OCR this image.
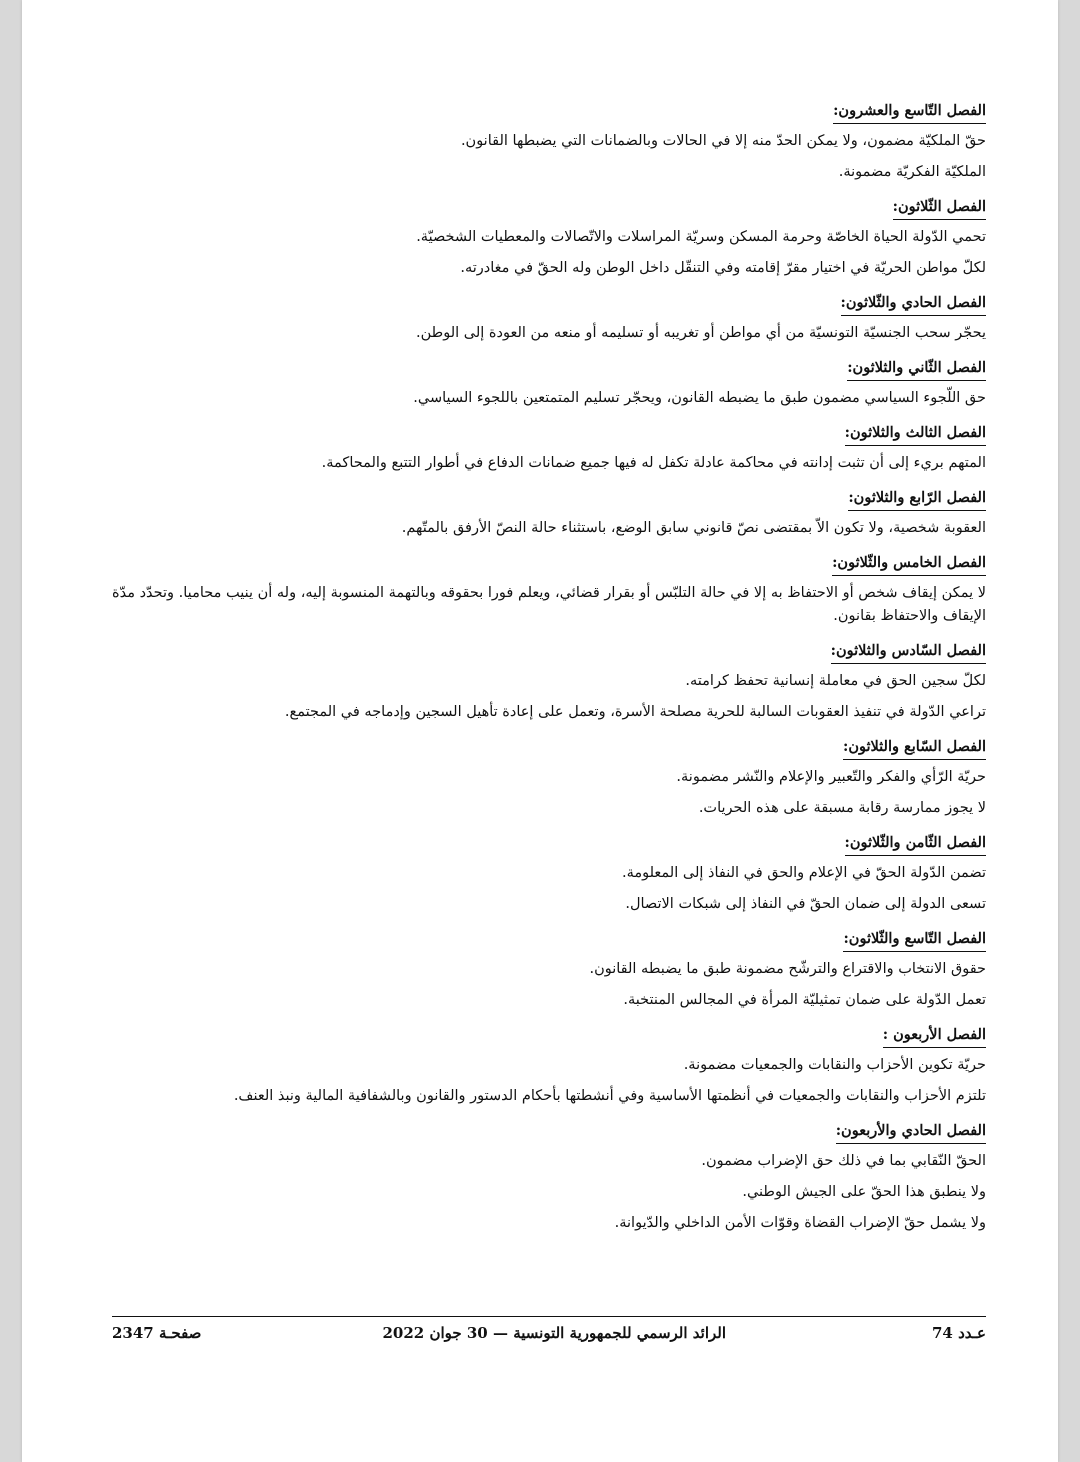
الفصل التّاسع والعشرون:

حقّ الملكيّة مضمون، ولا يمكن الحدّ منه إلا في الحالات وبالضمانات التي يضبطها القانون.

الملكيّة الفكريّة مضمونة.

الفصل الثّلاثون:

تحمي الدّولة الحياة الخاصّة وحرمة المسكن وسريّة المراسلات والاتّصالات والمعطيات الشخصيّة.

لكلّ مواطن الحريّة في اختيار مقرّ إقامته وفي التنقّل داخل الوطن وله الحقّ في مغادرته.

الفصل الحادي والثّلاثون:

يحجّر سحب الجنسيّة التونسيّة من أي مواطن أو تغريبه أو تسليمه أو منعه من العودة إلى الوطن.

الفصل الثّاني والثلاثون:

حق اللّجوء السياسي مضمون طبق ما يضبطه القانون، ويحجّر تسليم المتمتعين باللجوء السياسي.

الفصل الثالث والثلاثون:

المتهم بريء إلى أن تثبت إدانته في محاكمة عادلة تكفل له فيها جميع ضمانات الدفاع في أطوار التتبع والمحاكمة.

الفصل الرّابع والثلاثون:

العقوبة شخصية، ولا تكون الاّ بمقتضى نصّ قانوني سابق الوضع، باستثناء حالة النصّ الأرفق بالمتّهم.

الفصل الخامس والثّلاثون:

لا يمكن إيقاف شخص أو الاحتفاظ به إلا في حالة التلبّس أو بقرار قضائي، ويعلم فورا بحقوقه وبالتهمة المنسوبة إليه، وله أن ينيب محاميا. وتحدّد مدّة الإيقاف والاحتفاظ بقانون.

الفصل السّادس والثلاثون:

لكلّ سجين الحق في معاملة إنسانية تحفظ كرامته.

تراعي الدّولة في تنفيذ العقوبات السالبة للحرية مصلحة الأسرة، وتعمل على إعادة تأهيل السجين وإدماجه في المجتمع.

الفصل السّابع والثلاثون:

حريّة الرّأي والفكر والتّعبير والإعلام والنّشر مضمونة.

لا يجوز ممارسة رقابة مسبقة على هذه الحريات.

الفصل الثّامن والثّلاثون:

تضمن الدّولة الحقّ في الإعلام والحق في النفاذ إلى المعلومة.

تسعى الدولة إلى ضمان الحقّ في النفاذ إلى شبكات الاتصال.

الفصل التّاسع والثّلاثون:

حقوق الانتخاب والاقتراع والترشّح مضمونة طبق ما يضبطه القانون.

تعمل الدّولة على ضمان تمثيليّة المرأة في المجالس المنتخبة.

الفصل الأربعون :

حريّة تكوين الأحزاب والنقابات والجمعيات مضمونة.

تلتزم الأحزاب والنقابات والجمعيات في أنظمتها الأساسية وفي أنشطتها بأحكام الدستور والقانون وبالشفافية المالية ونبذ العنف.

الفصل الحادي والأربعون:

الحقّ النّقابي بما في ذلك حق الإضراب مضمون.

ولا ينطبق هذا الحقّ على الجيش الوطني.

ولا يشمل حقّ الإضراب القضاة وقوّات الأمن الداخلي والدّيوانة.

عـدد 74
الرائد الرسمي للجمهورية التونسية — 30 جوان 2022
صفحـة 2347
